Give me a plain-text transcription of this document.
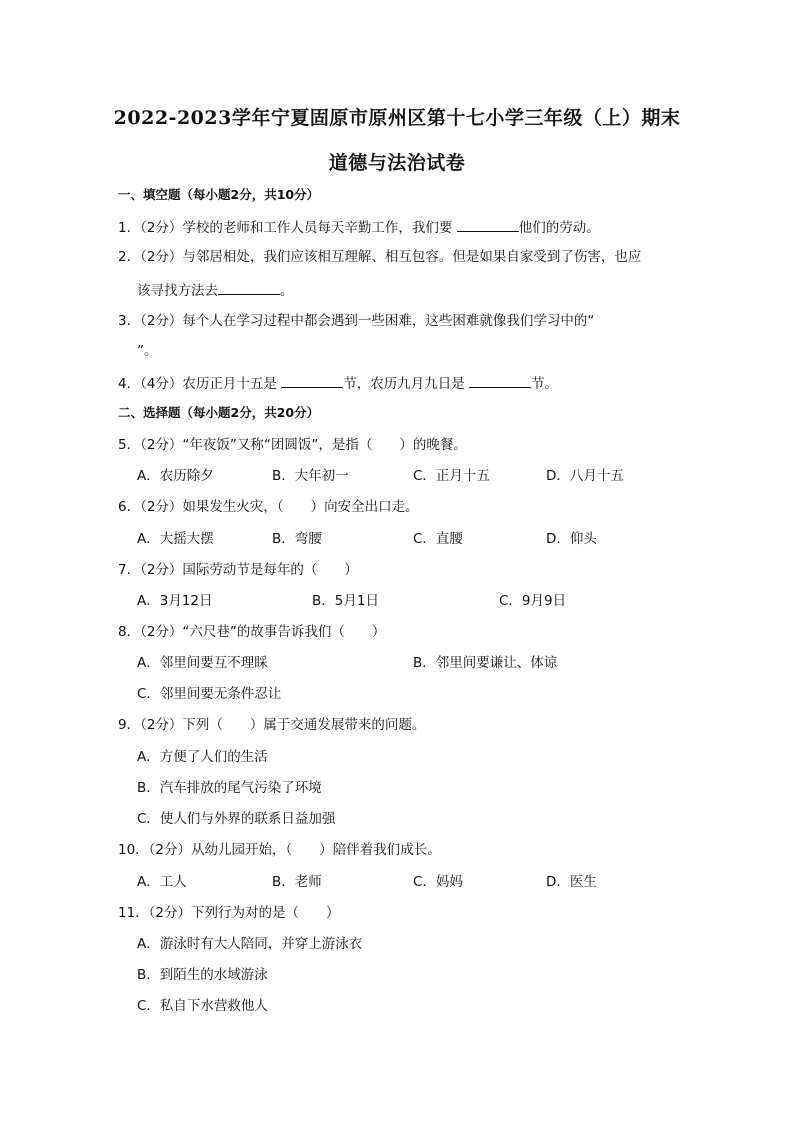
2022-2023学年宁夏固原市原州区第十七小学三年级（上）期末
道德与法治试卷
一、填空题（每小题2分，共10分）
1．（2分）学校的老师和工作人员每天辛勤工作，我们要	他们的劳动。
2．（2分）与邻居相处，我们应该相互理解、相互包容。但是如果自家受到了伤害，也应
该寻找方法去	。
3．（2分）每个人在学习过程中都会遇到一些困难，这些困难就像我们学习中的“
”。
4．（4分）农历正月十五是	节，农历九月九日是	节。
二、选择题（每小题2分，共20分）
5．（2分）“年夜饭”又称“团圆饭”，是指（　　）的晚餐。
A．农历除夕	B．大年初一	C．正月十五	D．八月十五
6．（2分）如果发生火灾，（　　）向安全出口走。
A．大摇大摆	B．弯腰	C．直腰	D．仰头
7．（2分）国际劳动节是每年的（　　）
A．3月12日	B．5月1日	C．9月9日
8．（2分）“六尺巷”的故事告诉我们（　　）
A．邻里间要互不理睬	B．邻里间要谦让、体谅
C．邻里间要无条件忍让
9．（2分）下列（　　）属于交通发展带来的问题。
A．方便了人们的生活
B．汽车排放的尾气污染了环境
C．使人们与外界的联系日益加强
10．（2分）从幼儿园开始，（　　）陪伴着我们成长。
A．工人	B．老师	C．妈妈	D．医生
11．（2分）下列行为对的是（　　）
A．游泳时有大人陪同，并穿上游泳衣
B．到陌生的水域游泳
C．私自下水营救他人
